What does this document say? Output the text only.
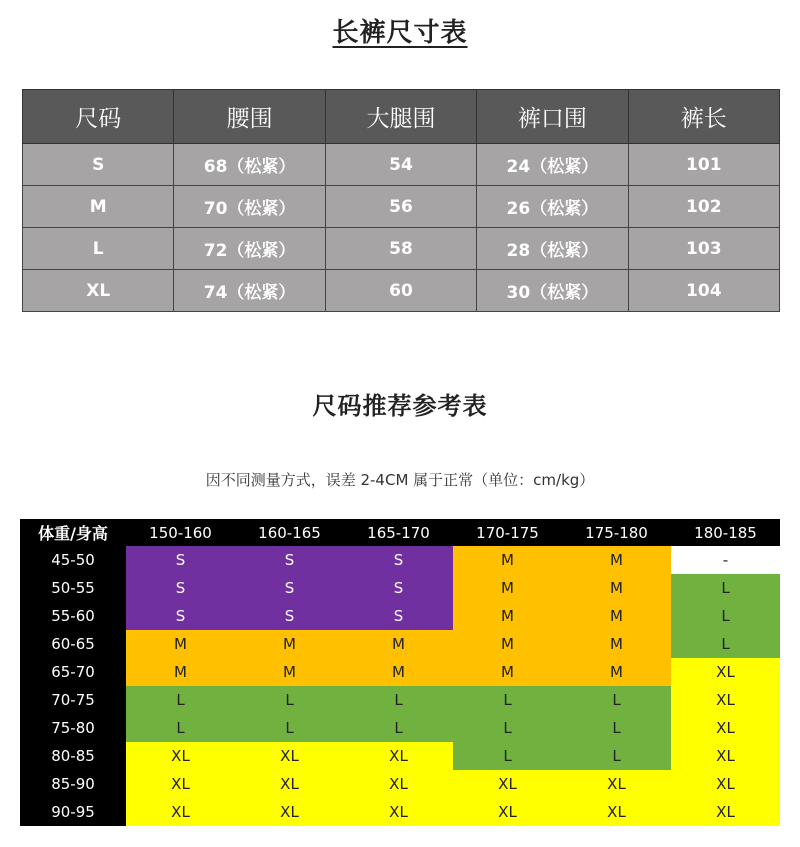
长裤尺寸表
尺码	腰围	大腿围	裤口围	裤长
S	68（松紧）	54	24（松紧）	101
M	70（松紧）	56	26（松紧）	102
L	72（松紧）	58	28（松紧）	103
XL	74（松紧）	60	30（松紧）	104
尺码推荐参考表
因不同测量方式，误差 2-4CM 属于正常（单位：cm/kg）
体重/身高	150-160	160-165	165-170	170-175	175-180	180-185
45-50	S	S	S	M	M	-
50-55	S	S	S	M	M	L
55-60	S	S	S	M	M	L
60-65	M	M	M	M	M	L
65-70	M	M	M	M	M	XL
70-75	L	L	L	L	L	XL
75-80	L	L	L	L	L	XL
80-85	XL	XL	XL	L	L	XL
85-90	XL	XL	XL	XL	XL	XL
90-95	XL	XL	XL	XL	XL	XL
